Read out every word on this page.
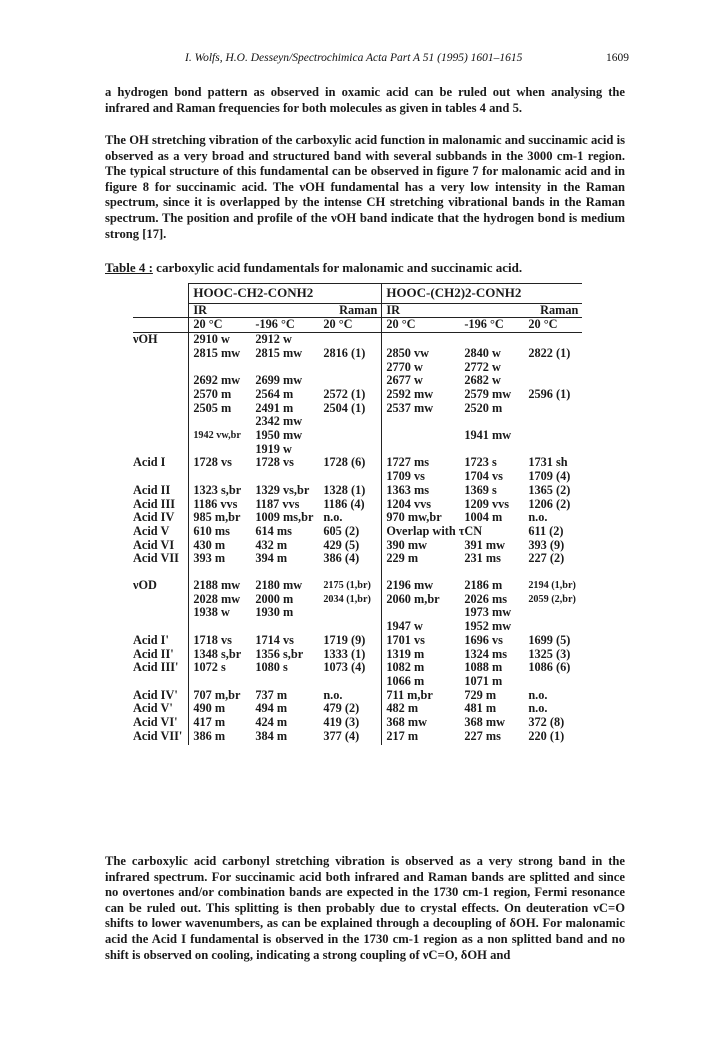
I. Wolfs, H.O. Desseyn/Spectrochimica Acta Part A 51 (1995) 1601–1615	1609
a hydrogen bond pattern as observed in oxamic acid can be ruled out when analysing the infrared and Raman frequencies for both molecules as given in tables 4 and 5.
The OH stretching vibration of the carboxylic acid function in malonamic and succinamic acid is observed as a very broad and structured band with several subbands in the 3000 cm-1 region. The typical structure of this fundamental can be observed in figure 7 for malonamic acid and in figure 8 for succinamic acid. The νOH fundamental has a very low intensity in the Raman spectrum, since it is overlapped by the intense CH stretching vibrational bands in the Raman spectrum. The position and profile of the νOH band indicate that the hydrogen bond is medium strong [17].
Table 4 : carboxylic acid fundamentals for malonamic and succinamic acid.
	HOOC-CH2-CONH2			HOOC-(CH2)2-CONH2		
	IR		Raman	IR		Raman
	20 °C	-196 °C	20 °C	20 °C	-196 °C	20 °C
νOH	2910 w	2912 w				
	2815 mw	2815 mw	2816 (1)	2850 vw	2840 w	2822 (1)
				2770 w	2772 w	
	2692 mw	2699 mw		2677 w	2682 w	
	2570 m	2564 m	2572 (1)	2592 mw	2579 mw	2596 (1)
	2505 m	2491 m	2504 (1)	2537 mw	2520 m	
		2342 mw				
	1942 vw,br	1950 mw			1941 mw	
		1919 w				
Acid I	1728 vs	1728 vs	1728 (6)	1727 ms	1723 s	1731 sh
				1709 vs	1704 vs	1709 (4)
Acid II	1323 s,br	1329 vs,br	1328 (1)	1363 ms	1369 s	1365 (2)
Acid III	1186 vvs	1187 vvs	1186 (4)	1204 vvs	1209 vvs	1206 (2)
Acid IV	985 m,br	1009 ms,br	n.o.	970 mw,br	1004 m	n.o.
Acid V	610 ms	614 ms	605 (2)	Overlap with τCN		611 (2)
Acid VI	430 m	432 m	429 (5)	390 mw	391 mw	393 (9)
Acid VII	393 m	394 m	386 (4)	229 m	231 ms	227 (2)

νOD	2188 mw	2180 mw	2175 (1,br)	2196 mw	2186 m	2194 (1,br)
	2028 mw	2000 m	2034 (1,br)	2060 m,br	2026 ms	2059 (2,br)
	1938 w	1930 m			1973 mw	
				1947 w	1952 mw	
Acid I'	1718 vs	1714 vs	1719 (9)	1701 vs	1696 vs	1699 (5)
Acid II'	1348 s,br	1356 s,br	1333 (1)	1319 m	1324 ms	1325 (3)
Acid III'	1072 s	1080 s	1073 (4)	1082 m	1088 m	1086 (6)
				1066 m	1071 m	
Acid IV'	707 m,br	737 m	n.o.	711 m,br	729 m	n.o.
Acid V'	490 m	494 m	479 (2)	482 m	481 m	n.o.
Acid VI'	417 m	424 m	419 (3)	368 mw	368 mw	372 (8)
Acid VII'	386 m	384 m	377 (4)	217 m	227 ms	220 (1)
The carboxylic acid carbonyl stretching vibration is observed as a very strong band in the infrared spectrum. For succinamic acid both infrared and Raman bands are splitted and since no overtones and/or combination bands are expected in the 1730 cm-1 region, Fermi resonance can be ruled out. This splitting is then probably due to crystal effects. On deuteration νC=O shifts to lower wavenumbers, as can be explained through a decoupling of δOH. For malonamic acid the Acid I fundamental is observed in the 1730 cm-1 region as a non splitted band and no shift is observed on cooling, indicating a strong coupling of νC=O, δOH and
